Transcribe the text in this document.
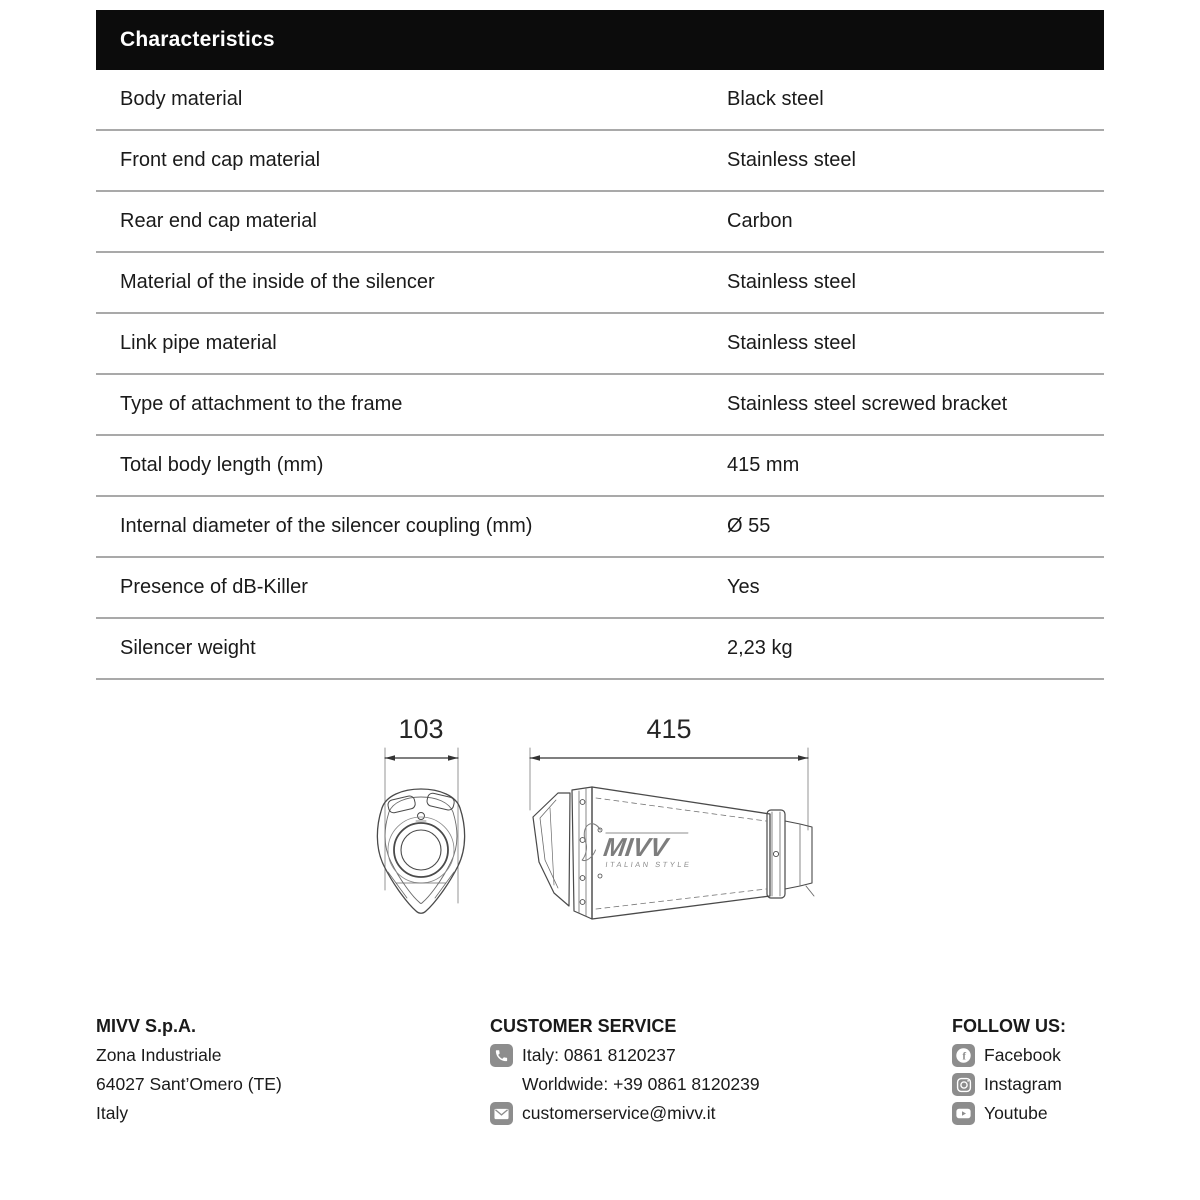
Characteristics
Body material	Black steel
Front end cap material	Stainless steel
Rear end cap material	Carbon
Material of the inside of the silencer	Stainless steel
Link pipe material	Stainless steel
Type of attachment to the frame	Stainless steel screwed bracket
Total body length (mm)	415 mm
Internal diameter of the silencer coupling (mm)	Ø 55
Presence of dB-Killer	Yes
Silencer weight	2,23 kg
103	415
MIVV
ITALIAN STYLE
MIVV S.p.A.
Zona Industriale
64027 Sant’Omero (TE)
Italy
CUSTOMER SERVICE
Italy: 0861 8120237
Worldwide: +39 0861 8120239
customerservice@mivv.it
FOLLOW US:
f Facebook
Instagram
Youtube
